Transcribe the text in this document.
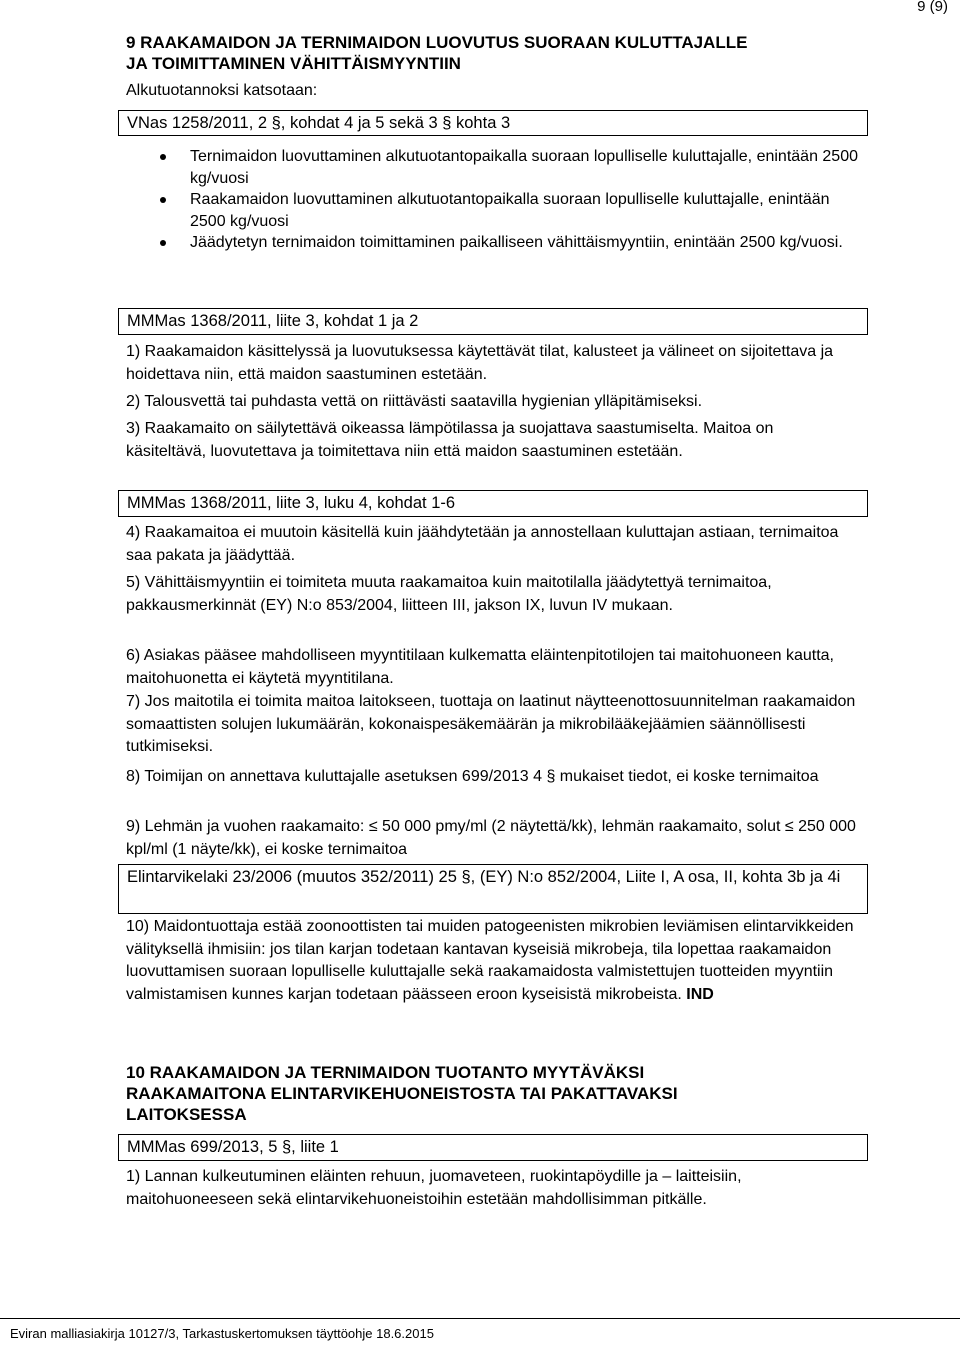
9 (9)
9 RAAKAMAIDON JA TERNIMAIDON LUOVUTUS SUORAAN KULUTTAJALLE
JA TOIMITTAMINEN VÄHITTÄISMYYNTIIN
Alkutuotannoksi katsotaan:
VNas 1258/2011, 2 §, kohdat 4 ja 5 sekä 3 § kohta 3
Ternimaidon luovuttaminen alkutuotantopaikalla suoraan lopulliselle kuluttajalle, enintään 2500 kg/vuosi
Raakamaidon luovuttaminen alkutuotantopaikalla suoraan lopulliselle kuluttajalle, enintään 2500 kg/vuosi
Jäädytetyn ternimaidon toimittaminen paikalliseen vähittäismyyntiin, enintään 2500 kg/vuosi.
MMMas 1368/2011, liite 3, kohdat 1 ja 2

1) Raakamaidon käsittelyssä ja luovutuksessa käytettävät tilat, kalusteet ja välineet on sijoitettava ja hoidettava niin, että maidon saastuminen estetään.

2) Talousvettä tai puhdasta vettä on riittävästi saatavilla hygienian ylläpitämiseksi.

3) Raakamaito on säilytettävä oikeassa lämpötilassa ja suojattava saastumiselta. Maitoa on käsiteltävä, luovutettava ja toimitettava niin että maidon saastuminen estetään.

MMMas 1368/2011, liite 3, luku 4, kohdat 1-6

4) Raakamaitoa ei muutoin käsitellä kuin jäähdytetään ja annostellaan kuluttajan astiaan, ternimaitoa saa pakata ja jäädyttää.

5) Vähittäismyyntiin ei toimiteta muuta raakamaitoa kuin maitotilalla jäädytettyä ternimaitoa, pakkausmerkinnät (EY) N:o 853/2004, liitteen III, jakson IX, luvun IV mukaan.

6) Asiakas pääsee mahdolliseen myyntitilaan kulkematta eläintenpitotilojen tai maitohuoneen kautta, maitohuonetta ei käytetä myyntitilana.

7) Jos maitotila ei toimita maitoa laitokseen, tuottaja on laatinut näytteenottosuunnitelman raakamaidon somaattisten solujen lukumäärän, kokonaispesäkemäärän ja mikrobilääkejäämien säännöllisesti tutkimiseksi.

8) Toimijan on annettava kuluttajalle asetuksen 699/2013 4 § mukaiset tiedot, ei koske ternimaitoa

9) Lehmän ja vuohen raakamaito: ≤ 50 000 pmy/ml (2 näytettä/kk), lehmän raakamaito, solut ≤ 250 000 kpl/ml (1 näyte/kk), ei koske ternimaitoa

Elintarvikelaki 23/2006 (muutos 352/2011) 25 §, (EY) N:o 852/2004, Liite I, A osa, II, kohta 3b ja 4i

10) Maidontuottaja estää zoonoottisten tai muiden patogeenisten mikrobien leviämisen elintarvikkeiden välityksellä ihmisiin: jos tilan karjan todetaan kantavan kyseisiä mikrobeja, tila lopettaa raakamaidon luovuttamisen suoraan lopulliselle kuluttajalle sekä raakamaidosta valmistettujen tuotteiden myyntiin valmistamisen kunnes karjan todetaan päässeen eroon kyseisistä mikrobeista. IND

10 RAAKAMAIDON JA TERNIMAIDON TUOTANTO MYYTÄVÄKSI
RAAKAMAITONA ELINTARVIKEHUONEISTOSTA TAI PAKATTAVAKSI
LAITOKSESSA
MMMas 699/2013, 5 §, liite 1

1) Lannan kulkeutuminen eläinten rehuun, juomaveteen, ruokintapöydille ja – laitteisiin, maitohuoneeseen sekä elintarvikehuoneistoihin estetään mahdollisimman pitkälle.

Eviran malliasiakirja 10127/3, Tarkastuskertomuksen täyttöohje 18.6.2015
